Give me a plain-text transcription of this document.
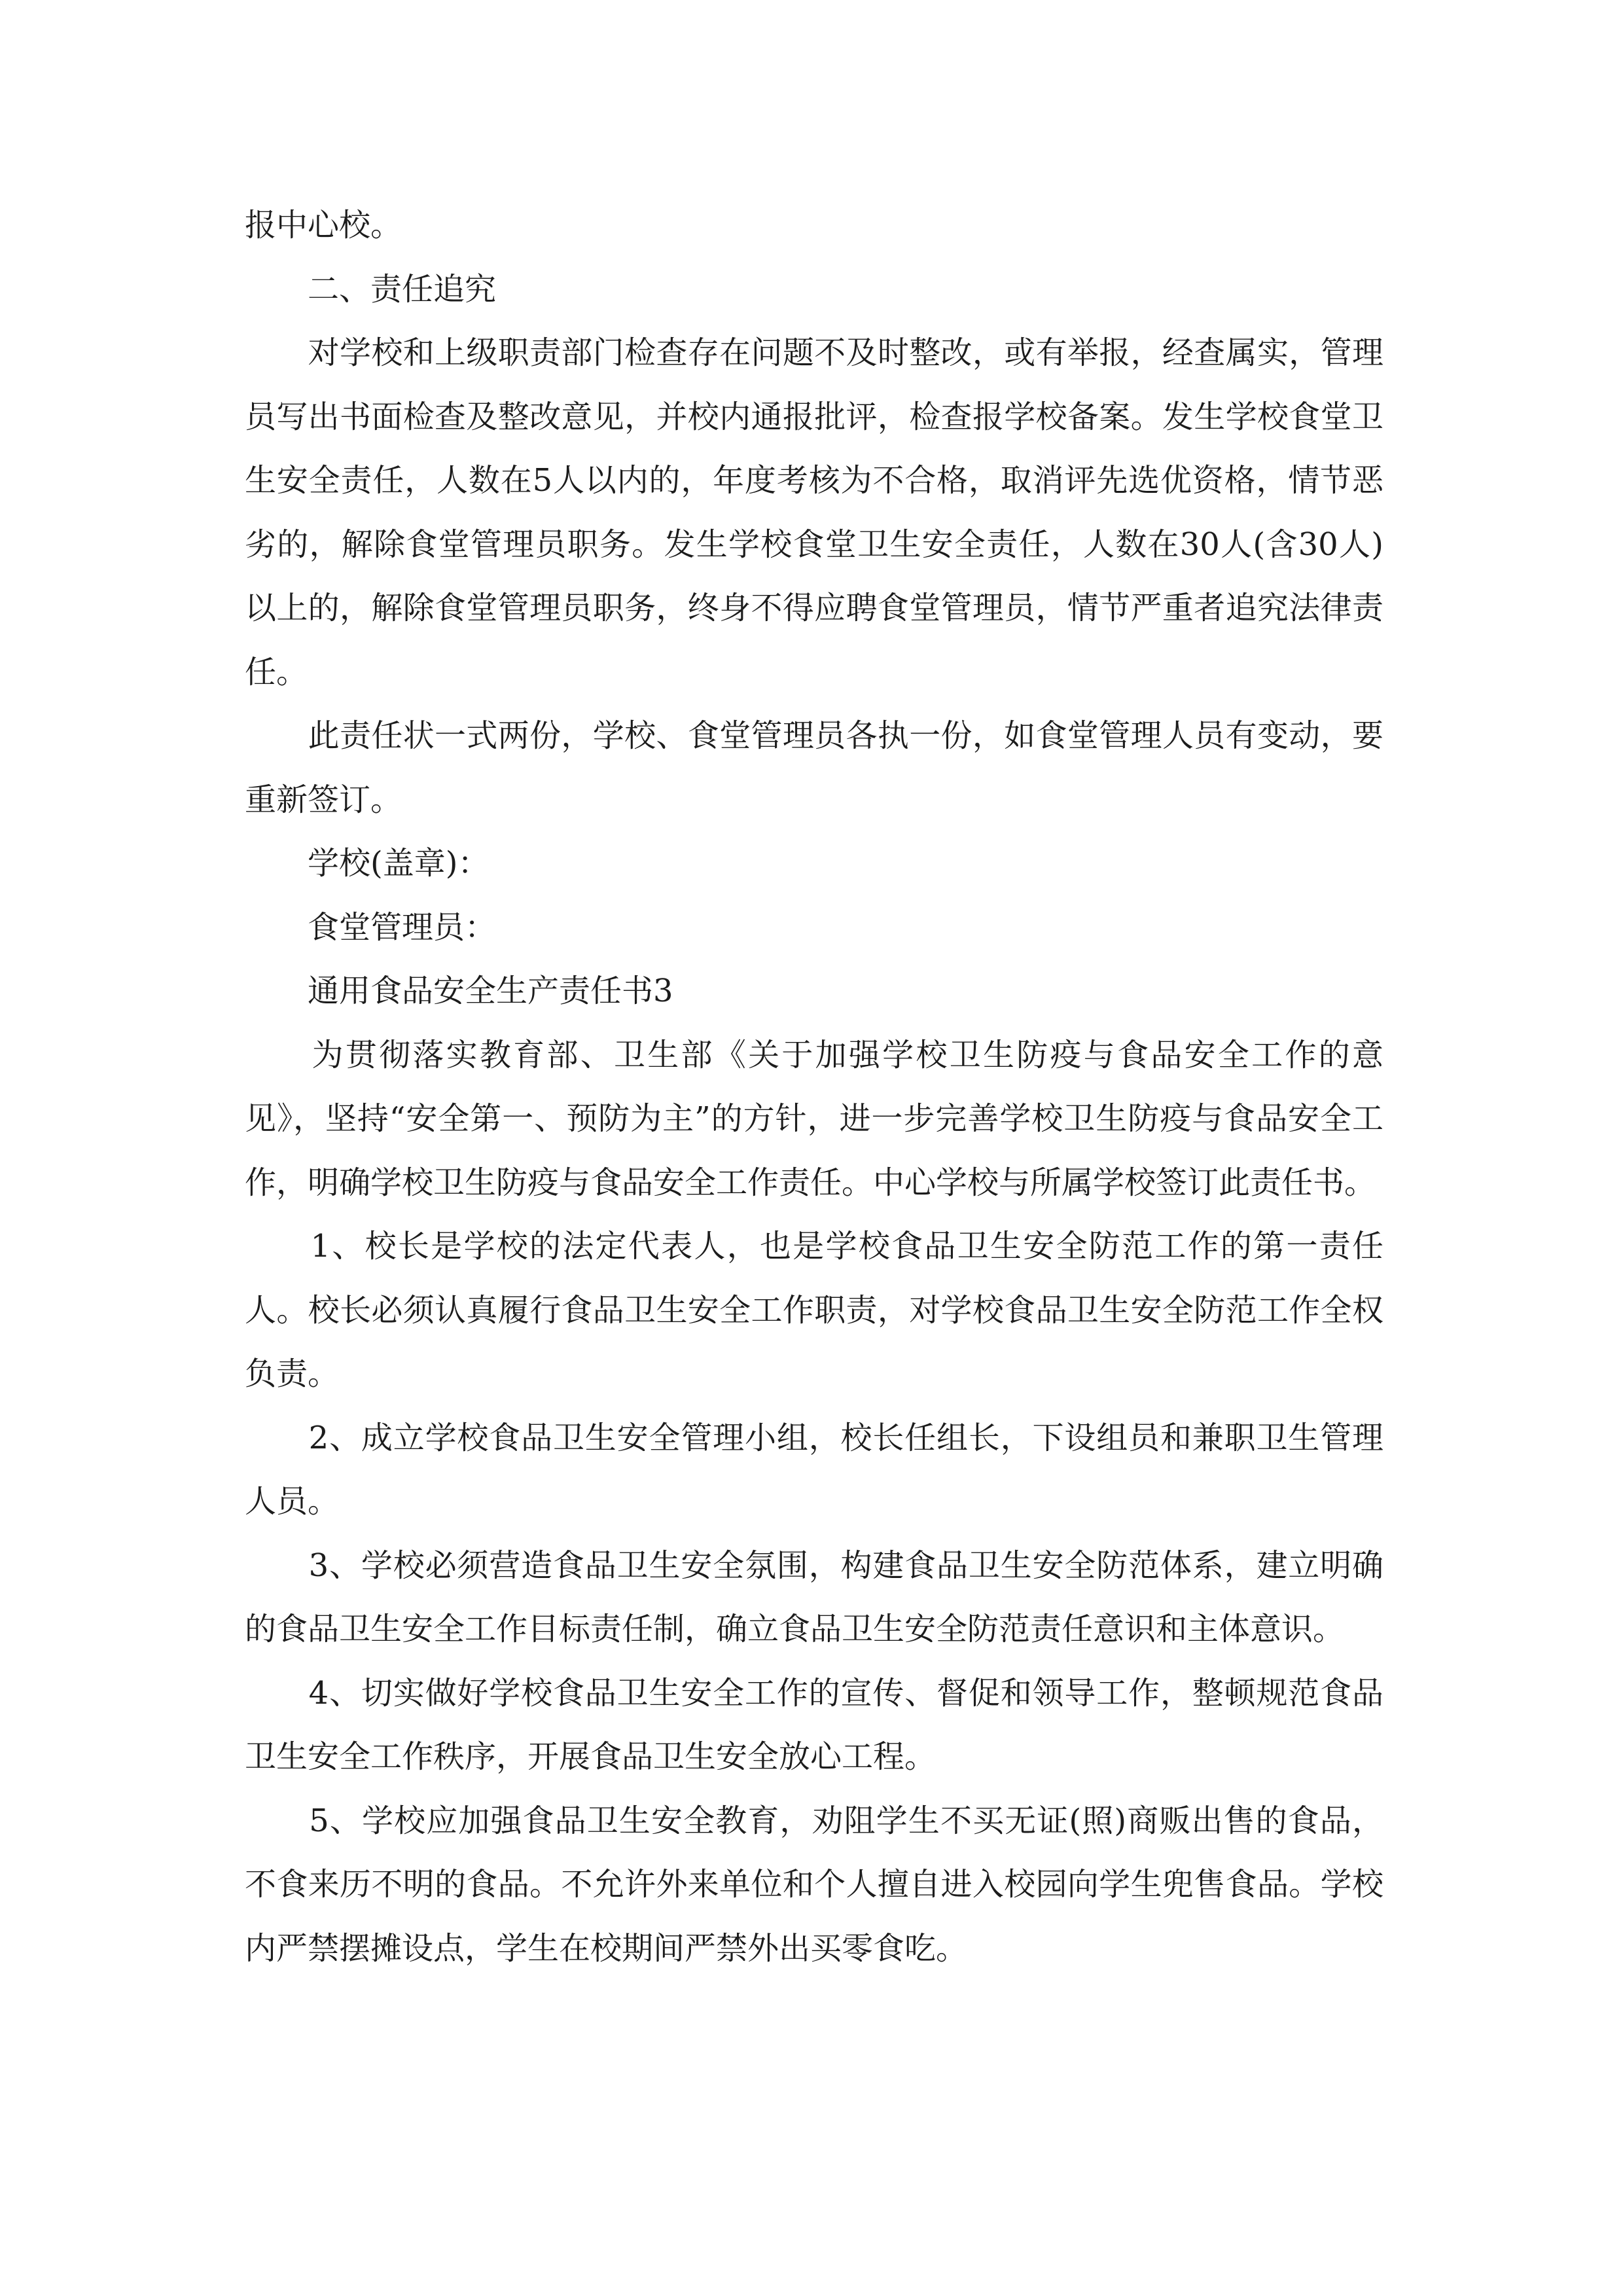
报中心校。

　　二、责任追究

　　对学校和上级职责部门检查存在问题不及时整改，或有举报，经查属实，管理员写出书面检查及整改意见，并校内通报批评，检查报学校备案。发生学校食堂卫生安全责任，人数在5人以内的，年度考核为不合格，取消评先选优资格，情节恶劣的，解除食堂管理员职务。发生学校食堂卫生安全责任，人数在30人(含30人)以上的，解除食堂管理员职务，终身不得应聘食堂管理员，情节严重者追究法律责任。

　　此责任状一式两份，学校、食堂管理员各执一份，如食堂管理人员有变动，要重新签订。

　　学校(盖章)：

　　食堂管理员：

　　通用食品安全生产责任书3

　　为贯彻落实教育部、卫生部《关于加强学校卫生防疫与食品安全工作的意见》，坚持“安全第一、预防为主”的方针，进一步完善学校卫生防疫与食品安全工作，明确学校卫生防疫与食品安全工作责任。中心学校与所属学校签订此责任书。

　　1、校长是学校的法定代表人，也是学校食品卫生安全防范工作的第一责任人。校长必须认真履行食品卫生安全工作职责，对学校食品卫生安全防范工作全权负责。

　　2、成立学校食品卫生安全管理小组，校长任组长，下设组员和兼职卫生管理人员。

　　3、学校必须营造食品卫生安全氛围，构建食品卫生安全防范体系，建立明确的食品卫生安全工作目标责任制，确立食品卫生安全防范责任意识和主体意识。

　　4、切实做好学校食品卫生安全工作的宣传、督促和领导工作，整顿规范食品卫生安全工作秩序，开展食品卫生安全放心工程。

　　5、学校应加强食品卫生安全教育，劝阻学生不买无证(照)商贩出售的食品，不食来历不明的食品。不允许外来单位和个人擅自进入校园向学生兜售食品。学校内严禁摆摊设点，学生在校期间严禁外出买零食吃。
